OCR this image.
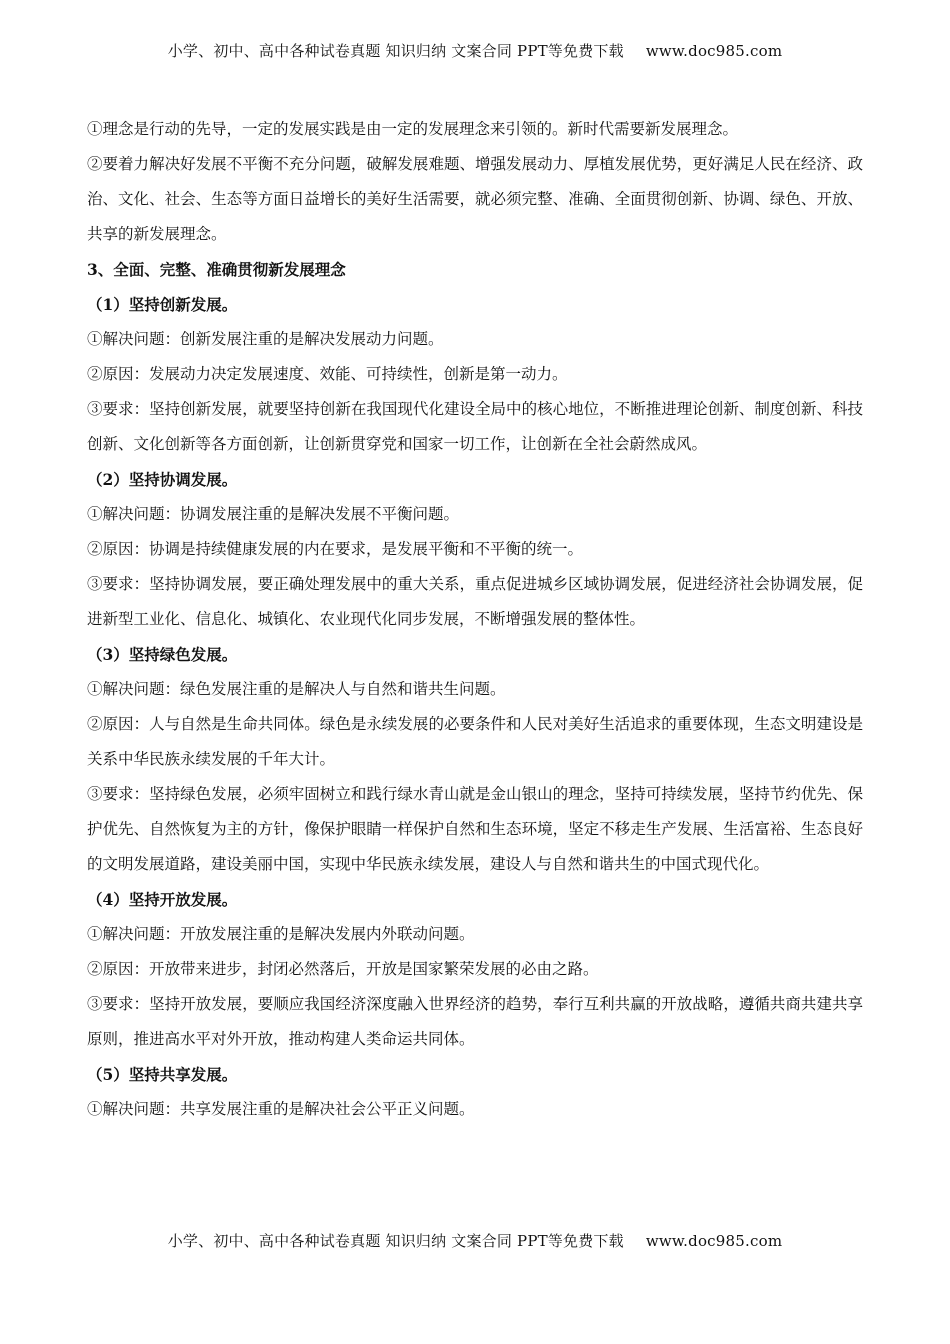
小学、初中、高中各种试卷真题 知识归纳 文案合同 PPT等免费下载 www.doc985.com

①理念是行动的先导，一定的发展实践是由一定的发展理念来引领的。新时代需要新发展理念。

②要着力解决好发展不平衡不充分问题，破解发展难题、增强发展动力、厚植发展优势，更好满足人民在经济、政治、文化、社会、生态等方面日益增长的美好生活需要，就必须完整、准确、全面贯彻创新、协调、绿色、开放、共享的新发展理念。

3、全面、完整、准确贯彻新发展理念

（1）坚持创新发展。

①解决问题：创新发展注重的是解决发展动力问题。

②原因：发展动力决定发展速度、效能、可持续性，创新是第一动力。

③要求：坚持创新发展，就要坚持创新在我国现代化建设全局中的核心地位，不断推进理论创新、制度创新、科技创新、文化创新等各方面创新，让创新贯穿党和国家一切工作，让创新在全社会蔚然成风。

（2）坚持协调发展。

①解决问题：协调发展注重的是解决发展不平衡问题。

②原因：协调是持续健康发展的内在要求，是发展平衡和不平衡的统一。

③要求：坚持协调发展，要正确处理发展中的重大关系，重点促进城乡区域协调发展，促进经济社会协调发展，促进新型工业化、信息化、城镇化、农业现代化同步发展，不断增强发展的整体性。

（3）坚持绿色发展。

①解决问题：绿色发展注重的是解决人与自然和谐共生问题。

②原因：人与自然是生命共同体。绿色是永续发展的必要条件和人民对美好生活追求的重要体现，生态文明建设是关系中华民族永续发展的千年大计。

③要求：坚持绿色发展，必须牢固树立和践行绿水青山就是金山银山的理念，坚持可持续发展，坚持节约优先、保护优先、自然恢复为主的方针，像保护眼睛一样保护自然和生态环境，坚定不移走生产发展、生活富裕、生态良好的文明发展道路，建设美丽中国，实现中华民族永续发展，建设人与自然和谐共生的中国式现代化。

（4）坚持开放发展。

①解决问题：开放发展注重的是解决发展内外联动问题。

②原因：开放带来进步，封闭必然落后，开放是国家繁荣发展的必由之路。

③要求：坚持开放发展，要顺应我国经济深度融入世界经济的趋势，奉行互利共赢的开放战略，遵循共商共建共享原则，推进高水平对外开放，推动构建人类命运共同体。

（5）坚持共享发展。

①解决问题：共享发展注重的是解决社会公平正义问题。

小学、初中、高中各种试卷真题 知识归纳 文案合同 PPT等免费下载 www.doc985.com
